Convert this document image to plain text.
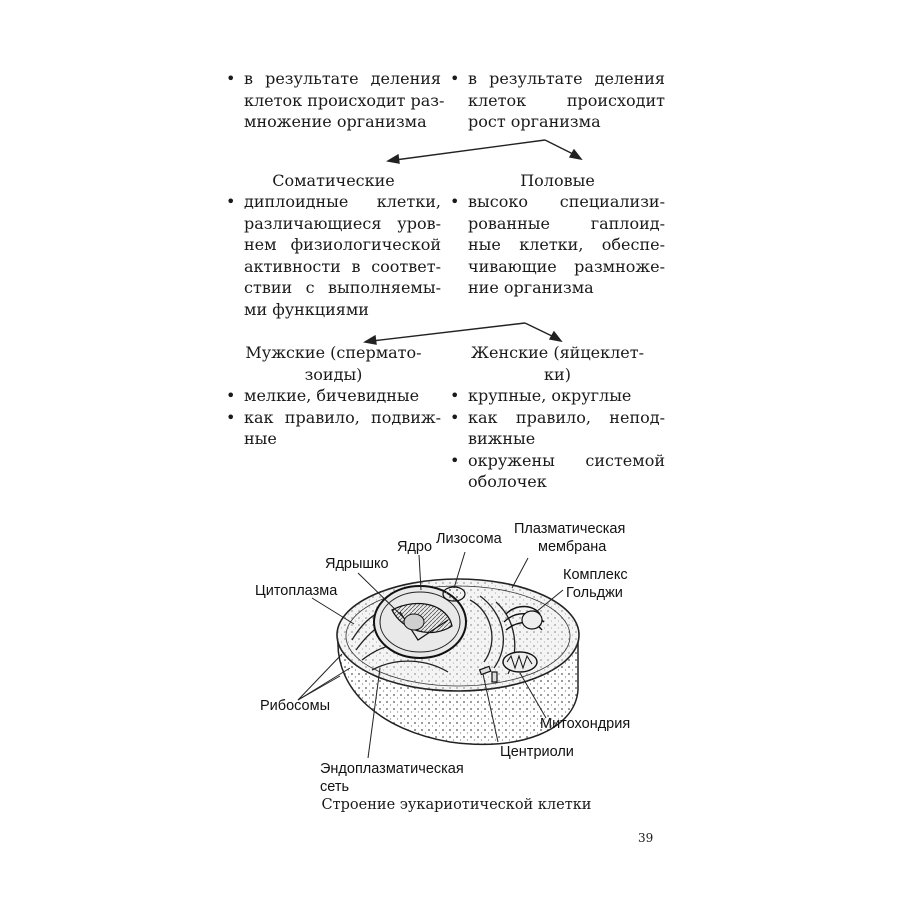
• в результате деления
клеток происходит раз-
множение организма
• в результате деления
клеток происходит
рост организма
Соматические	Половые
• диплоидные клетки,
различающиеся уров-
нем физиологической
активности в соответ-
ствии с выполняемы-
ми функциями
• высоко специализи-
рованные гаплоид-
ные клетки, обеспе-
чивающие размноже-
ние организма
Мужские (спермато-
зоиды)
Женские (яйцеклет-
ки)
• мелкие, бичевидные
• как правило, подвиж-
ные
• крупные, округлые
• как правило, непод-
вижные
• окружены системой
оболочек
Плазматическая
мембрана
Лизосома
Ядро
Ядрышко
Цитоплазма
Комплекс
Гольджи
Рибосомы
Митохондрия
Центриоли
Эндоплазматическая
сеть
Строение эукариотической клетки
39
